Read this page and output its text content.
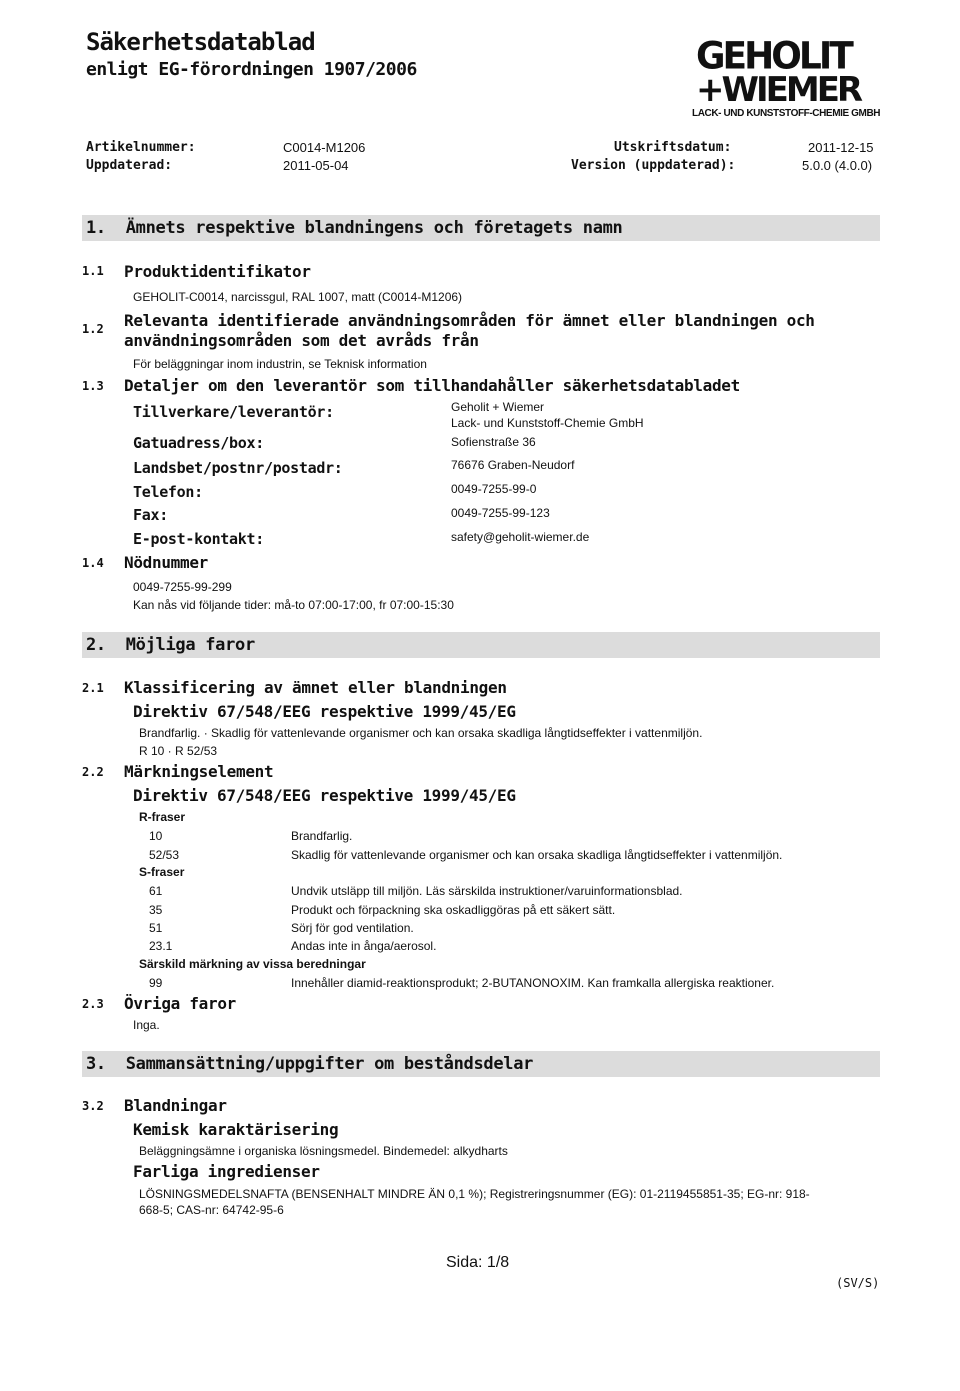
Säkerhetsdatablad
enligt EG-förordningen 1907/2006	GEHOLIT
+WIEMER
LACK- UND KUNSTSTOFF-CHEMIE GMBH
Artikelnummer:	C0014-M1206	Utskriftsdatum:	2011-12-15
Uppdaterad:	2011-05-04	Version (uppdaterad):	5.0.0 (4.0.0)
1. Ämnets respektive blandningens och företagets namn
1.1 Produktidentifikator
GEHOLIT-C0014, narcissgul, RAL 1007, matt (C0014-M1206)
1.2 Relevanta identifierade användningsområden för ämnet eller blandningen och
användningsområden som det avråds från
För beläggningar inom industrin, se Teknisk information
1.3 Detaljer om den leverantör som tillhandahåller säkerhetsdatabladet
Tillverkare/leverantör:	Geholit + Wiemer
Lack- und Kunststoff-Chemie GmbH
Gatuadress/box:	Sofienstraße 36
Landsbet/postnr/postadr:	76676 Graben-Neudorf
Telefon:	0049-7255-99-0
Fax:	0049-7255-99-123
E-post-kontakt:	safety@geholit-wiemer.de
1.4 Nödnummer
0049-7255-99-299
Kan nås vid följande tider: må-to 07:00-17:00, fr 07:00-15:30
2. Möjliga faror
2.1 Klassificering av ämnet eller blandningen
Direktiv 67/548/EEG respektive 1999/45/EG
Brandfarlig. · Skadlig för vattenlevande organismer och kan orsaka skadliga långtidseffekter i vattenmiljön.
R 10 · R 52/53
2.2 Märkningselement
Direktiv 67/548/EEG respektive 1999/45/EG
R-fraser
10	Brandfarlig.
52/53	Skadlig för vattenlevande organismer och kan orsaka skadliga långtidseffekter i vattenmiljön.
S-fraser
61	Undvik utsläpp till miljön. Läs särskilda instruktioner/varuinformationsblad.
35	Produkt och förpackning ska oskadliggöras på ett säkert sätt.
51	Sörj för god ventilation.
23.1	Andas inte in ånga/aerosol.
Särskild märkning av vissa beredningar
99	Innehåller diamid-reaktionsprodukt; 2-BUTANONOXIM. Kan framkalla allergiska reaktioner.
2.3 Övriga faror
Inga.
3. Sammansättning/uppgifter om beståndsdelar
3.2 Blandningar
Kemisk karaktärisering
Beläggningsämne i organiska lösningsmedel. Bindemedel: alkydharts
Farliga ingredienser
LÖSNINGSMEDELSNAFTA (BENSENHALT MINDRE ÄN 0,1 %); Registreringsnummer (EG): 01-2119455851-35; EG-nr: 918-
668-5; CAS-nr: 64742-95-6
Sida: 1/8
(SV/S)
